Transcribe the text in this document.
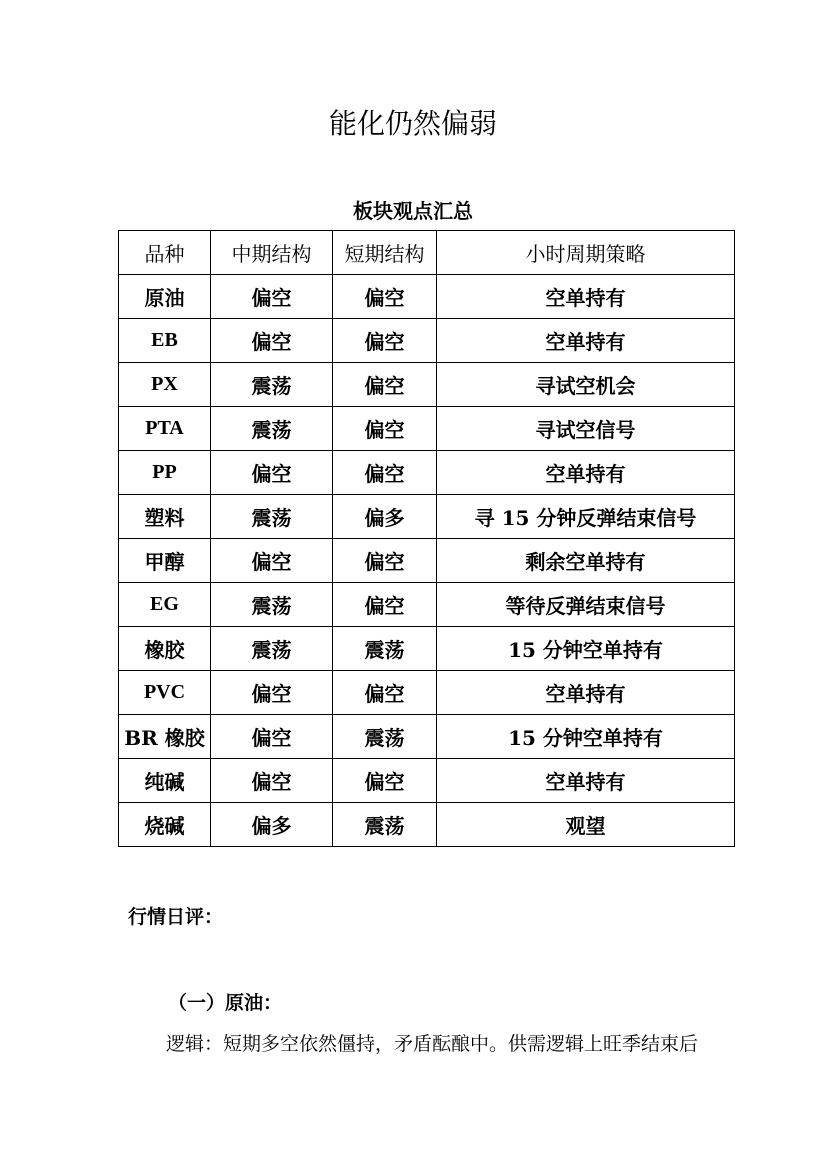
能化仍然偏弱
板块观点汇总
品种	中期结构	短期结构	小时周期策略
原油	偏空	偏空	空单持有
EB	偏空	偏空	空单持有
PX	震荡	偏空	寻试空机会
PTA	震荡	偏空	寻试空信号
PP	偏空	偏空	空单持有
塑料	震荡	偏多	寻 15 分钟反弹结束信号
甲醇	偏空	偏空	剩余空单持有
EG	震荡	偏空	等待反弹结束信号
橡胶	震荡	震荡	15 分钟空单持有
PVC	偏空	偏空	空单持有
BR 橡胶	偏空	震荡	15 分钟空单持有
纯碱	偏空	偏空	空单持有
烧碱	偏多	震荡	观望
行情日评：
（一）原油：

逻辑：短期多空依然僵持，矛盾酝酿中。供需逻辑上旺季结束后
